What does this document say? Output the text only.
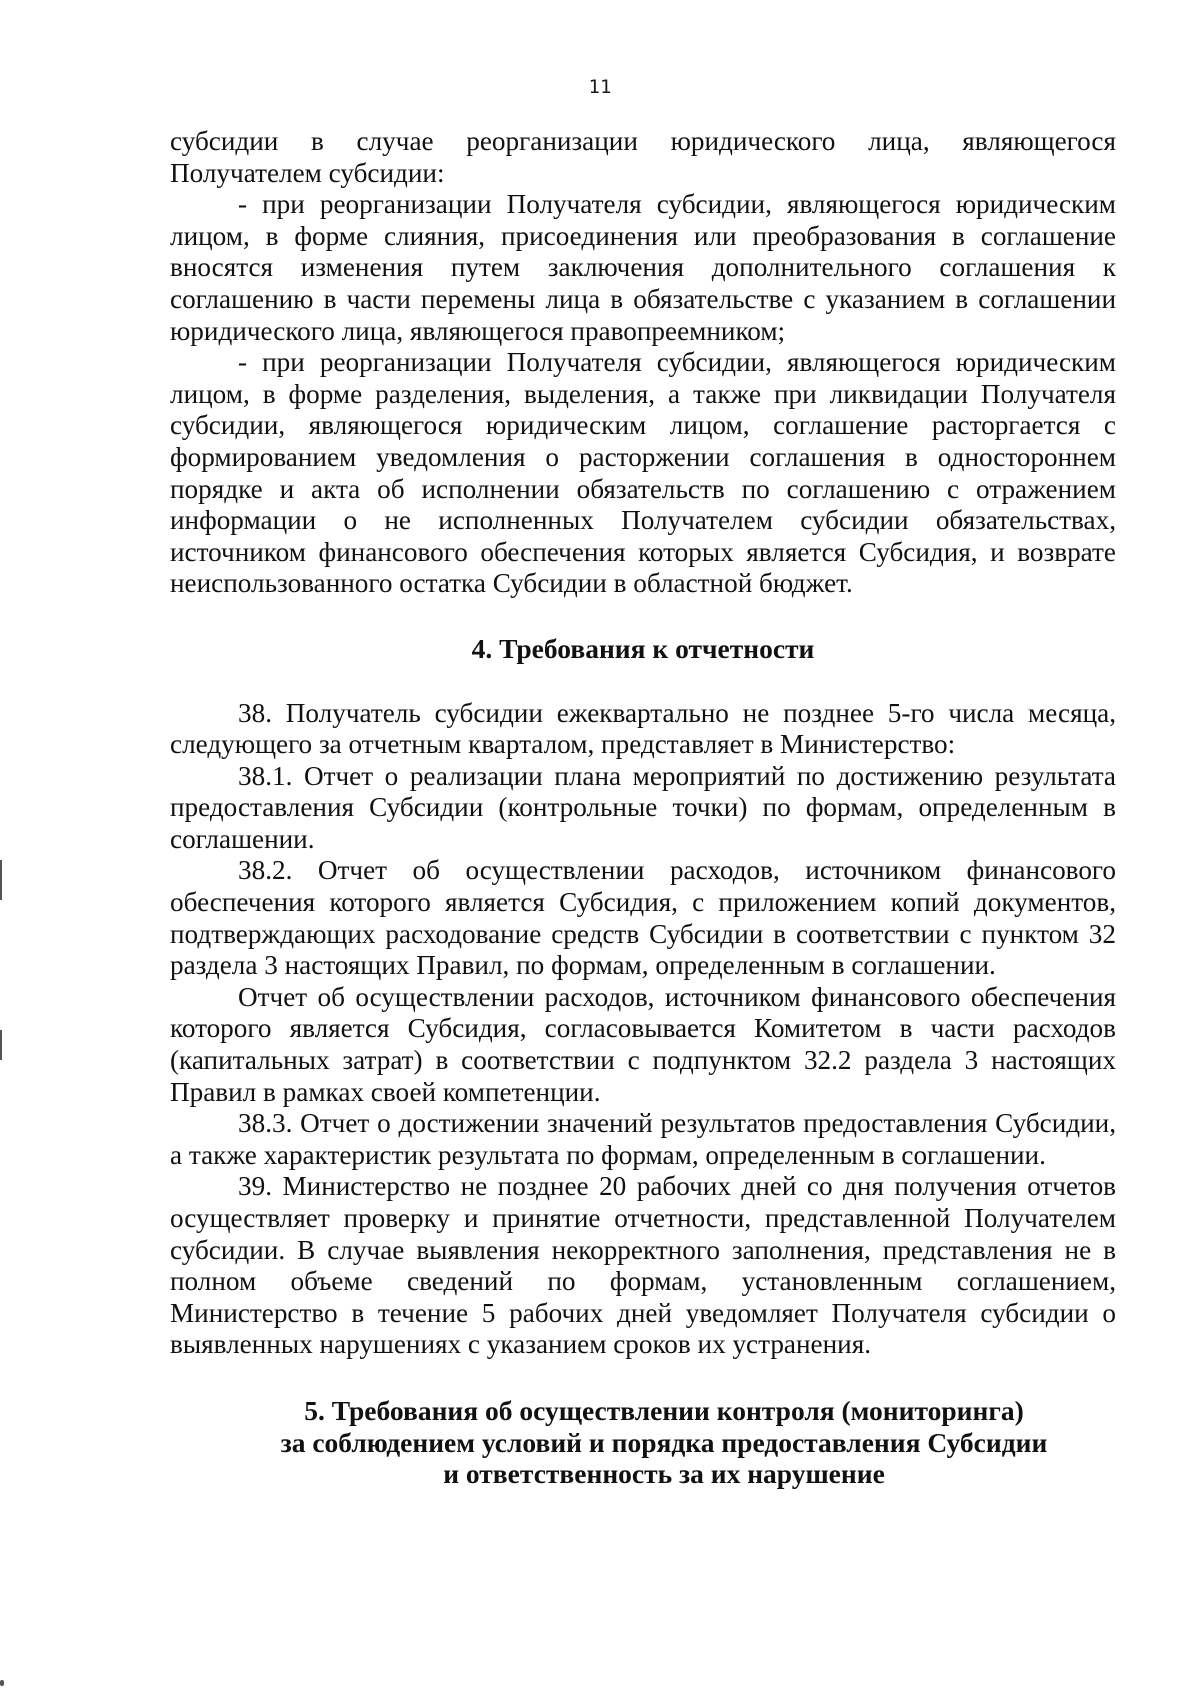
11

субсидии в случае реорганизации юридического лица, являющегося Получателем субсидии:

- при реорганизации Получателя субсидии, являющегося юридическим лицом, в форме слияния, присоединения или преобразования в соглашение вносятся изменения путем заключения дополнительного соглашения к соглашению в части перемены лица в обязательстве с указанием в соглашении юридического лица, являющегося правопреемником;

- при реорганизации Получателя субсидии, являющегося юридическим лицом, в форме разделения, выделения, а также при ликвидации Получателя субсидии, являющегося юридическим лицом, соглашение расторгается с формированием уведомления о расторжении соглашения в одностороннем порядке и акта об исполнении обязательств по соглашению с отражением информации о не исполненных Получателем субсидии обязательствах, источником финансового обеспечения которых является Субсидия, и возврате неиспользованного остатка Субсидии в областной бюджет.

4. Требования к отчетности

38. Получатель субсидии ежеквартально не позднее 5-го числа месяца, следующего за отчетным кварталом, представляет в Министерство:

38.1. Отчет о реализации плана мероприятий по достижению результата предоставления Субсидии (контрольные точки) по формам, определенным в соглашении.

38.2. Отчет об осуществлении расходов, источником финансового обеспечения которого является Субсидия, с приложением копий документов, подтверждающих расходование средств Субсидии в соответствии с пунктом 32 раздела 3 настоящих Правил, по формам, определенным в соглашении.

Отчет об осуществлении расходов, источником финансового обеспечения которого является Субсидия, согласовывается Комитетом в части расходов (капитальных затрат) в соответствии с подпунктом 32.2 раздела 3 настоящих Правил в рамках своей компетенции.

38.3. Отчет о достижении значений результатов предоставления Субсидии, а также характеристик результата по формам, определенным в соглашении.

39. Министерство не позднее 20 рабочих дней со дня получения отчетов осуществляет проверку и принятие отчетности, представленной Получателем субсидии. В случае выявления некорректного заполнения, представления не в полном объеме сведений по формам, установленным соглашением, Министерство в течение 5 рабочих дней уведомляет Получателя субсидии о выявленных нарушениях с указанием сроков их устранения.

5. Требования об осуществлении контроля (мониторинга)
за соблюдением условий и порядка предоставления Субсидии
и ответственность за их нарушение
